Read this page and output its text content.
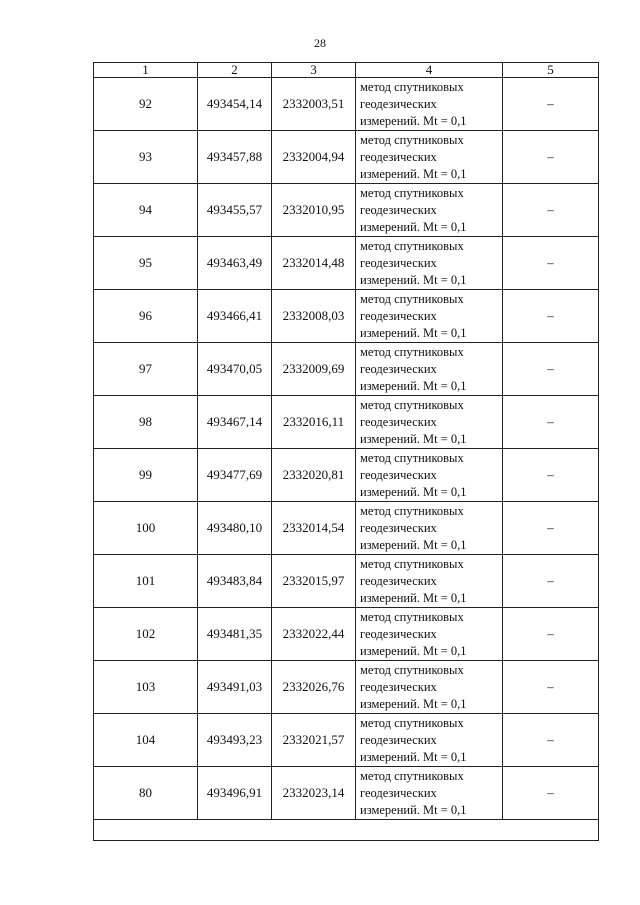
28
1	2	3	4	5
92	493454,14	2332003,51	метод спутниковых
геодезических
измерений. Mt = 0,1	–
93	493457,88	2332004,94	метод спутниковых
геодезических
измерений. Mt = 0,1	–
94	493455,57	2332010,95	метод спутниковых
геодезических
измерений. Mt = 0,1	–
95	493463,49	2332014,48	метод спутниковых
геодезических
измерений. Mt = 0,1	–
96	493466,41	2332008,03	метод спутниковых
геодезических
измерений. Mt = 0,1	–
97	493470,05	2332009,69	метод спутниковых
геодезических
измерений. Mt = 0,1	–
98	493467,14	2332016,11	метод спутниковых
геодезических
измерений. Mt = 0,1	–
99	493477,69	2332020,81	метод спутниковых
геодезических
измерений. Mt = 0,1	–
100	493480,10	2332014,54	метод спутниковых
геодезических
измерений. Mt = 0,1	–
101	493483,84	2332015,97	метод спутниковых
геодезических
измерений. Mt = 0,1	–
102	493481,35	2332022,44	метод спутниковых
геодезических
измерений. Mt = 0,1	–
103	493491,03	2332026,76	метод спутниковых
геодезических
измерений. Mt = 0,1	–
104	493493,23	2332021,57	метод спутниковых
геодезических
измерений. Mt = 0,1	–
80	493496,91	2332023,14	метод спутниковых
геодезических
измерений. Mt = 0,1	–
